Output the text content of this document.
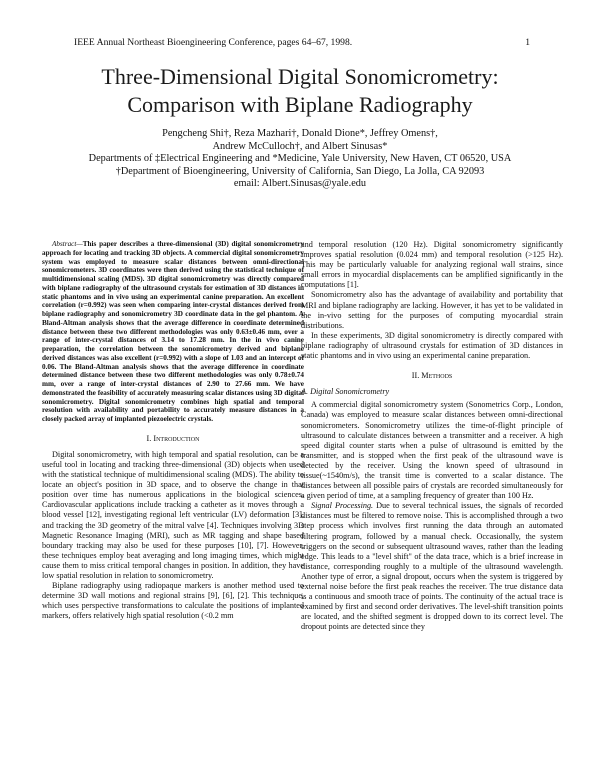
IEEE Annual Northeast Bioengineering Conference, pages 64–67, 1998.	1
Three-Dimensional Digital Sonomicrometry:
Comparison with Biplane Radiography
Pengcheng Shi†, Reza Mazhari†, Donald Dione*, Jeffrey Omens†,
Andrew McCulloch†, and Albert Sinusas*
Departments of ‡Electrical Engineering and *Medicine, Yale University, New Haven, CT 06520, USA
†Department of Bioengineering, University of California, San Diego, La Jolla, CA 92093
email: Albert.Sinusas@yale.edu

Abstract—This paper describes a three-dimensional (3D) digital sonomicrometry approach for locating and tracking 3D objects. A commercial digital sonomicrometry system was employed to measure scalar distances between omni-directional sonomicrometers. 3D coordinates were then derived using the statistical technique of multidimensional scaling (MDS). 3D digital sonomicrometry was directly compared with biplane radiography of the ultrasound crystals for estimation of 3D distances in static phantoms and in vivo using an experimental canine preparation. An excellent correlation (r=0.992) was seen when comparing inter-crystal distances derived from biplane radiography and sonomicrometry 3D coordinate data in the gel phantom. A Bland-Altman analysis shows that the average difference in coordinate determined distance between these two different methodologies was only 0.63±0.46 mm, over a range of inter-crystal distances of 3.14 to 17.28 mm. In the in vivo canine preparation, the correlation between the sonomicrometry derived and biplane derived distances was also excellent (r=0.992) with a slope of 1.03 and an intercept of 0.06. The Bland-Altman analysis shows that the average difference in coordinate determined distance between these two different methodologies was only 0.78±0.74 mm, over a range of inter-crystal distances of 2.90 to 27.66 mm. We have demonstrated the feasibility of accurately measuring scalar distances using 3D digital sonomicrometry. Digital sonomicrometry combines high spatial and temporal resolution with availability and portability to accurately measure distances in a closely packed array of implanted piezoelectric crystals.

I. Introduction

Digital sonomicrometry, with high temporal and spatial resolution, can be a useful tool in locating and tracking three-dimensional (3D) objects when used with the statistical technique of multidimensional scaling (MDS). The ability to locate an object's position in 3D space, and to observe the change in that position over time has numerous applications in the biological sciences. Cardiovascular applications include tracking a catheter as it moves through a blood vessel [12], investigating regional left ventricular (LV) deformation [3], and tracking the 3D geometry of the mitral valve [4]. Techniques involving 3D Magnetic Resonance Imaging (MRI), such as MR tagging and shape based boundary tracking may also be used for these purposes [10], [7]. However, these techniques employ beat averaging and long imaging times, which might cause them to miss critical temporal changes in position. In addition, they have low spatial resolution in relation to sonomicrometry.

Biplane radiography using radiopaque markers is another method used to determine 3D wall motions and regional strains [9], [6], [2]. This technique, which uses perspective transformations to calculate the positions of implanted markers, offers relatively high spatial resolution (<0.2 mm

and temporal resolution (120 Hz). Digital sonomicrometry significantly improves spatial resolution (0.024 mm) and temporal resolution (>125 Hz). This may be particularly valuable for analyzing regional wall strains, since small errors in myocardial displacements can be amplified significantly in the computations [1].

Sonomicrometry also has the advantage of availability and portability that MRI and biplane radiography are lacking. However, it has yet to be validated in the in-vivo setting for the purposes of computing myocardial strain distributions.

In these experiments, 3D digital sonomicrometry is directly compared with biplane radiography of ultrasound crystals for estimation of 3D distances in static phantoms and in vivo using an experimental canine preparation.

II. Methods
A. Digital Sonomicrometry

A commercial digital sonomicrometry system (Sonometrics Corp., London, Canada) was employed to measure scalar distances between omni-directional sonomicrometers. Sonomicrometry utilizes the time-of-flight principle of ultrasound to calculate distances between a transmitter and a receiver. A high speed digital counter starts when a pulse of ultrasound is emitted by the transmitter, and is stopped when the first peak of the ultrasound wave is detected by the receiver. Using the known speed of ultrasound in tissue(~1540m/s), the transit time is converted to a scalar distance. The distances between all possible pairs of crystals are recorded simultaneously for a given period of time, at a sampling frequency of greater than 100 Hz.

Signal Processing. Due to several technical issues, the signals of recorded distances must be filtered to remove noise. This is accomplished through a two step process which involves first running the data through an automated filtering program, followed by a manual check. Occasionally, the system triggers on the second or subsequent ultrasound waves, rather than the leading edge. This leads to a "level shift" of the data trace, which is a brief increase in distance, corresponding roughly to a multiple of the ultrasound wavelength. Another type of error, a signal dropout, occurs when the system is triggered by external noise before the first peak reaches the receiver. The true distance data is a continuous and smooth trace of points. The continuity of the actual trace is examined by first and second order derivatives. The level-shift transition points are located, and the shifted segment is dropped down to its correct level. The dropout points are detected since they
